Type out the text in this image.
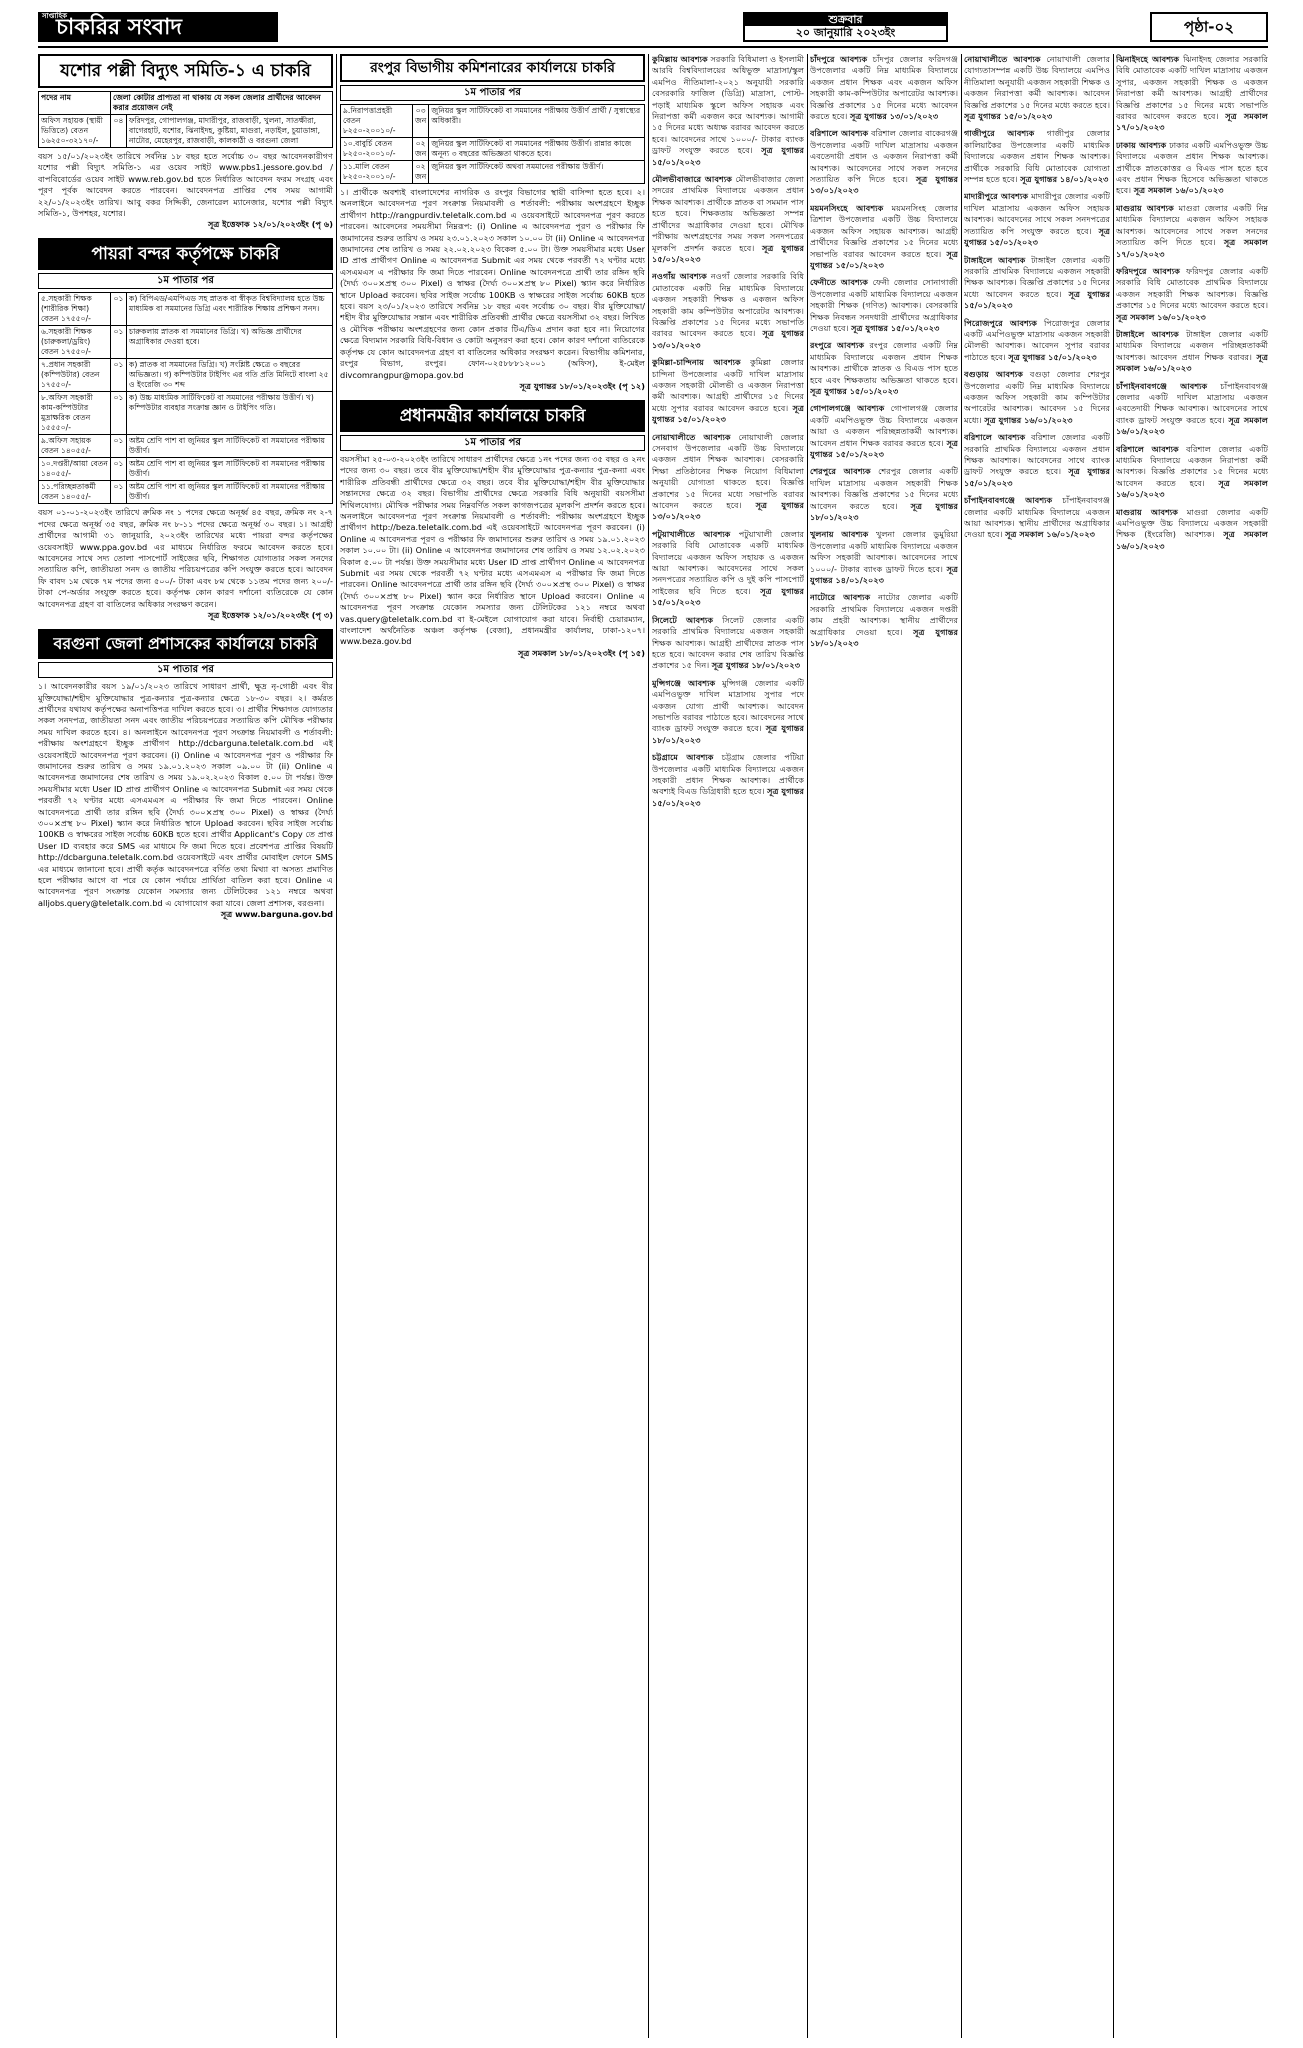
সাপ্তাহিক
চাকরির সংবাদ	শুক্রবার
২০ জানুয়ারি ২০২৩ইং	পৃষ্ঠা-০২
যশোর পল্লী বিদ্যুৎ সমিতি-১ এ চাকরি
পদের নাম	জেলা কোটার প্রাপ্যতা না থাকায় যে সকল জেলার প্রার্থীদের আবেদন করার প্রয়োজন নেই	
অফিস সহায়ক (স্থায়ী ভিত্তিতে) বেতন ১৬২৫০-৩২১৭০/-	০৪	ফরিদপুর, গোপালগঞ্জ, মাদারীপুর, রাজবাড়ী, খুলনা, সাতক্ষীরা, বাগেরহাট, যশোর, ঝিনাইদহ, কুষ্টিয়া, মাগুরা, নড়াইল, চুয়াডাঙ্গা, নাটোর, মেহেরপুর, রাজবাড়ী, কালকাঠী ও বরগুনা জেলা

বয়স ১৫/০১/২০২৩ইং তারিখে সর্বনিম্ন ১৮ বছর হতে সর্বোচ্চ ৩০ বছর আবেদনকারীগণ যশোর পল্লী বিদ্যুৎ সমিতি-১ এর ওয়েব সাইট www.pbs1.jessore.gov.bd /বাপবিবোর্ডের ওয়েব সাইট www.reb.gov.bd হতে নির্ধারিত আবেদন ফরম সংগ্রহ এবং পূরণ পূর্বক আবেদন করতে পারবেন। আবেদনপত্র প্রাপ্তির শেষ সময় আগামী ২২/০১/২০২৩ইং তারিখ। আবু বকর সিদ্দিকী, জেনারেল ম্যানেজার, যশোর পল্লী বিদ্যুৎ সমিতি-১, উপশহর, যশোর।

সূত্র ইত্তেফাক ১২/০১/২০২৩ইং (পৃ ৬)

পায়রা বন্দর কর্তৃপক্ষে চাকরি
১ম পাতার পর
৫.সহকারী শিক্ষক (শারীরিক শিক্ষা) বেতন ১৭৫৫০/-	০১	ক) বিপিএড/এমপিএড সহ স্নাতক বা স্বীকৃত বিশ্ববিদ্যালয় হতে উচ্চ মাধ্যমিক বা সমমানের ডিগ্রি এবং শারীরিক শিক্ষায় প্রশিক্ষণ সনদ।
৬.সহকারী শিক্ষক (চারুকলা/ড্রয়িং) বেতন ১৭৫৫০/-	০১	চারুকলায় স্নাতক বা সমমানের ডিগ্রি। খ) অভিজ্ঞ প্রার্থীদের অগ্রাধিকার দেওয়া হবে।
৭.প্রধান সহকারী (কম্পিউটার) বেতন ১৭৫৫০/-	০১	ক) স্নাতক বা সমমানের ডিগ্রি। খ) সংশ্লিষ্ট ক্ষেত্রে ৩ বছরের অভিজ্ঞতা। গ) কম্পিউটার টাইপিং এর গতি প্রতি মিনিটে বাংলা ২৫ ও ইংরেজি ৩০ শব্দ
৮.অফিস সহকারী কাম-কম্পিউটার মুদ্রাক্ষরিক বেতন ১৫৫৫০/-	০১	ক) উচ্চ মাধ্যমিক সার্টিফিকেট বা সমমানের পরীক্ষায় উত্তীর্ণ। খ) কম্পিউটার ব্যবহার সংক্রান্ত জ্ঞান ও টাইপিং গতি।
৯.অফিস সহায়ক বেতন ১৪০৫৫/-	০১	অষ্টম শ্রেণি পাশ বা জুনিয়র স্কুল সার্টিফিকেট বা সমমানের পরীক্ষায় উত্তীর্ণ।
১০.দপ্তরী/আয়া বেতন ১৪০৫৫/-	০১	অষ্টম শ্রেণি পাশ বা জুনিয়র স্কুল সার্টিফিকেট বা সমমানের পরীক্ষায় উত্তীর্ণ।
১১.পরিচ্ছন্নতাকর্মী বেতন ১৪০৫৫/-	০১	অষ্টম শ্রেণি পাশ বা জুনিয়র স্কুল সার্টিফিকেট বা সমমানের পরীক্ষায় উত্তীর্ণ।

বয়স ০১-০১-২০২৩ইং তারিখে ক্রমিক নং ১ পদের ক্ষেত্রে অনূর্ধ্ব ৪৫ বছর, ক্রমিক নং ২-৭ পদের ক্ষেত্রে অনূর্ধ্ব ৩৫ বছর, ক্রমিক নং ৮-১১ পদের ক্ষেত্রে অনূর্ধ্ব ৩০ বছর। ১। আগ্রহী প্রার্থীদের আগামী ৩১ জানুয়ারি, ২০২৩ইং তারিখের মধ্যে পায়রা বন্দর কর্তৃপক্ষের ওয়েবসাইট www.ppa.gov.bd এর মাধ্যমে নির্ধারিত ফরমে আবেদন করতে হবে। আবেদনের সাথে সদ্য তোলা পাসপোর্ট সাইজের ছবি, শিক্ষাগত যোগ্যতার সকল সনদের সত্যায়িত কপি, জাতীয়তা সনদ ও জাতীয় পরিচয়পত্রের কপি সংযুক্ত করতে হবে। আবেদন ফি বাবদ ১ম থেকে ৭ম পদের জন্য ৫০০/- টাকা এবং ৮ম থেকে ১১তম পদের জন্য ২০০/- টাকা পে-অর্ডার সংযুক্ত করতে হবে। কর্তৃপক্ষ কোন কারণ দর্শানো ব্যতিরেকে যে কোন আবেদনপত্র গ্রহণ বা বাতিলের অধিকার সংরক্ষণ করেন।

সূত্র ইত্তেফাক ১২/০১/২০২৩ইং (পৃ ৩)

বরগুনা জেলা প্রশাসকের কার্যালয়ে চাকরি
১ম পাতার পর

১। আবেদনকারীর বয়স ১৯/০১/২০২৩ তারিখে সাধারণ প্রার্থী, ক্ষুদ্র নৃ-গোষ্ঠী এবং বীর মুক্তিযোদ্ধা/শহীদ মুক্তিযোদ্ধার পুত্র-কন্যার পুত্র-কন্যার ক্ষেত্রে ১৮-৩০ বছর। ২। কর্মরত প্রার্থীদের যথাযথ কর্তৃপক্ষের অনাপত্তিপত্র দাখিল করতে হবে। ৩। প্রার্থীর শিক্ষাগত যোগ্যতার সকল সনদপত্র, জাতীয়তা সনদ এবং জাতীয় পরিচয়পত্রের সত্যায়িত কপি মৌখিক পরীক্ষার সময় দাখিল করতে হবে। ৪। অনলাইনে আবেদনপত্র পূরণ সংক্রান্ত নিয়মাবলী ও শর্তাবলী: পরীক্ষায় অংশগ্রহণে ইচ্ছুক প্রার্থীগণ http://dcbarguna.teletalk.com.bd এই ওয়েবসাইটে আবেদনপত্র পূরণ করবেন। (i) Online এ আবেদনপত্র পূরণ ও পরীক্ষার ফি জমাদানের শুরুর তারিখ ও সময় ১৯.০১.২০২৩ সকাল ০৯.০০ টা (ii) Online এ আবেদনপত্র জমাদানের শেষ তারিখ ও সময় ১৯.০২.২০২৩ বিকাল ৫.০০ টা পর্যন্ত। উক্ত সময়সীমার মধ্যে User ID প্রাপ্ত প্রার্থীগণ Online এ আবেদনপত্র Submit এর সময় থেকে পরবর্তী ৭২ ঘণ্টার মধ্যে এসএমএস এ পরীক্ষার ফি জমা দিতে পারবেন। Online আবেদনপত্রে প্রার্থী তার রঙ্গিন ছবি (দৈর্ঘ্য ৩০০×প্রস্থ ৩০০ Pixel) ও স্বাক্ষর (দৈর্ঘ্য ৩০০×প্রস্থ ৮০ Pixel) স্ক্যান করে নির্ধারিত স্থানে Upload করবেন। ছবির সাইজ সর্বোচ্চ 100KB ও স্বাক্ষরের সাইজ সর্বোচ্চ 60KB হতে হবে। প্রার্থীর Applicant's Copy তে প্রাপ্ত User ID ব্যবহার করে SMS এর মাধ্যমে ফি জমা দিতে হবে। প্রবেশপত্র প্রাপ্তির বিষয়টি http://dcbarguna.teletalk.com.bd ওয়েবসাইটে এবং প্রার্থীর মোবাইল ফোনে SMS এর মাধ্যমে জানানো হবে। প্রার্থী কর্তৃক আবেদনপত্রে বর্ণিত তথ্য মিথ্যা বা অসত্য প্রমাণিত হলে পরীক্ষার আগে বা পরে যে কোন পর্যায়ে প্রার্থিতা বাতিল করা হবে। Online এ আবেদনপত্র পূরণ সংক্রান্ত যেকোন সমস্যার জন্য টেলিটকের ১২১ নম্বরে অথবা alljobs.query@teletalk.com.bd এ যোগাযোগ করা যাবে। জেলা প্রশাসক, বরগুনা।

সূত্র www.barguna.gov.bd

রংপুর বিভাগীয় কমিশনারের কার্যালয়ে চাকরি
১ম পাতার পর
৯.নিরাপত্তাপ্রহরী বেতন ৮২৫০-২০০১০/-	০৩ জন	জুনিয়র স্কুল সার্টিফিকেট বা সমমানের পরীক্ষায় উত্তীর্ণ প্রার্থী / সুস্বাস্থ্যের অধিকারী।
১০.বাবুর্চি বেতন ৮২৫০-২০০১০/-	০২ জন	জুনিয়র স্কুল সার্টিফিকেট বা সমমানের পরীক্ষায় উত্তীর্ণ। রান্নার কাজে অনূন্য ৩ বছরের অভিজ্ঞতা থাকতে হবে।
১১.মালি বেতন ৮২৫০-২০০১০/-	০২ জন	জুনিয়র স্কুল সার্টিফিকেট অথবা সমমানের পরীক্ষায় উত্তীর্ণ।

১। প্রার্থীকে অবশ্যই বাংলাদেশের নাগরিক ও রংপুর বিভাগের স্থায়ী বাসিন্দা হতে হবে। ২। অনলাইনে আবেদনপত্র পূরণ সংক্রান্ত নিয়মাবলী ও শর্তাবলী: পরীক্ষায় অংশগ্রহণে ইচ্ছুক প্রার্থীগণ http://rangpurdiv.teletalk.com.bd এ ওয়েবসাইটে আবেদনপত্র পূরণ করতে পারবেন। আবেদনের সময়সীমা নিম্নরূপ: (i) Online এ আবেদনপত্র পূরণ ও পরীক্ষার ফি জমাদানের শুরুর তারিখ ও সময় ২৩.০১.২০২৩ সকাল ১০.০০ টা (ii) Online এ আবেদনপত্র জমাদানের শেষ তারিখ ও সময় ২২.০২.২০২৩ বিকেল ৫.০০ টা। উক্ত সময়সীমার মধ্যে User ID প্রাপ্ত প্রার্থীগণ Online এ আবেদনপত্র Submit এর সময় থেকে পরবর্তী ৭২ ঘণ্টার মধ্যে এসএমএস এ পরীক্ষার ফি জমা দিতে পারবেন। Online আবেদনপত্রে প্রার্থী তার রঙ্গিন ছবি (দৈর্ঘ্য ৩০০×প্রস্থ ৩০০ Pixel) ও স্বাক্ষর (দৈর্ঘ্য ৩০০×প্রস্থ ৮০ Pixel) স্ক্যান করে নির্ধারিত স্থানে Upload করবেন। ছবির সাইজ সর্বোচ্চ 100KB ও স্বাক্ষরের সাইজ সর্বোচ্চ 60KB হতে হবে। বয়স ২৩/০১/২০২৩ তারিখে সর্বনিম্ন ১৮ বছর এবং সর্বোচ্চ ৩০ বছর। বীর মুক্তিযোদ্ধা/শহীদ বীর মুক্তিযোদ্ধার সন্তান এবং শারীরিক প্রতিবন্ধী প্রার্থীর ক্ষেত্রে বয়সসীমা ৩২ বছর। লিখিত ও মৌখিক পরীক্ষায় অংশগ্রহণের জন্য কোন প্রকার টিএ/ডিএ প্রদান করা হবে না। নিয়োগের ক্ষেত্রে বিদ্যমান সরকারি বিধি-বিধান ও কোটা অনুসরণ করা হবে। কোন কারণ দর্শানো ব্যতিরেকে কর্তৃপক্ষ যে কোন আবেদনপত্র গ্রহণ বা বাতিলের অধিকার সংরক্ষণ করেন। বিভাগীয় কমিশনার, রংপুর বিভাগ, রংপুর। ফোন-০২৫৮৮৮১২০০১ (অফিস), ই-মেইল divcomrangpur@mopa.gov.bd

সূত্র যুগান্তর ১৮/০১/২০২৩ইং (পৃ ১২)

প্রধানমন্ত্রীর কার্যালয়ে চাকরি
১ম পাতার পর

বয়সসীমা ২৫-০৩-২০২৩ইং তারিখে সাধারণ প্রার্থীদের ক্ষেত্রে ১নং পদের জন্য ৩৫ বছর ও ২নং পদের জন্য ৩০ বছর। তবে বীর মুক্তিযোদ্ধা/শহীদ বীর মুক্তিযোদ্ধার পুত্র-কন্যার পুত্র-কন্যা এবং শারীরিক প্রতিবন্ধী প্রার্থীদের ক্ষেত্রে ৩২ বছর। তবে বীর মুক্তিযোদ্ধা/শহীদ বীর মুক্তিযোদ্ধার সন্তানদের ক্ষেত্রে ৩২ বছর। বিভাগীয় প্রার্থীদের ক্ষেত্রে সরকারি বিধি অনুযায়ী বয়সসীমা শিথিলযোগ্য। মৌখিক পরীক্ষার সময় নিম্নবর্ণিত সকল কাগজপত্রের মূলকপি প্রদর্শন করতে হবে। অনলাইনে আবেদনপত্র পূরণ সংক্রান্ত নিয়মাবলী ও শর্তাবলী: পরীক্ষায় অংশগ্রহণে ইচ্ছুক প্রার্থীগণ http://beza.teletalk.com.bd এই ওয়েবসাইটে আবেদনপত্র পূরণ করবেন। (i) Online এ আবেদনপত্র পূরণ ও পরীক্ষার ফি জমাদানের শুরুর তারিখ ও সময় ১৯.০১.২০২৩ সকাল ১০.০০ টা। (ii) Online এ আবেদনপত্র জমাদানের শেষ তারিখ ও সময় ১২.০২.২০২৩ বিকাল ৫.০০ টা পর্যন্ত। উক্ত সময়সীমার মধ্যে User ID প্রাপ্ত প্রার্থীগণ Online এ আবেদনপত্র Submit এর সময় থেকে পরবর্তী ৭২ ঘণ্টার মধ্যে এসএমএস এ পরীক্ষার ফি জমা দিতে পারবেন। Online আবেদনপত্রে প্রার্থী তার রঙ্গিন ছবি (দৈর্ঘ্য ৩০০×প্রস্থ ৩০০ Pixel) ও স্বাক্ষর (দৈর্ঘ্য ৩০০×প্রস্থ ৮০ Pixel) স্ক্যান করে নির্ধারিত স্থানে Upload করবেন। Online এ আবেদনপত্র পূরণ সংক্রান্ত যেকোন সমস্যার জন্য টেলিটকের ১২১ নম্বরে অথবা vas.query@teletalk.com.bd বা ই-মেইলে যোগাযোগ করা যাবে। নির্বাহী চেয়ারম্যান, বাংলাদেশ অর্থনৈতিক অঞ্চল কর্তৃপক্ষ (বেজা), প্রধানমন্ত্রীর কার্যালয়, ঢাকা-১২০৭। www.beza.gov.bd

সূত্র সমকাল ১৮/০১/২০২৩ইং (পৃ ১৫)

কুমিল্লায় আবশ্যক সরকারি বিধিমালা ও ইসলামী আরবি বিশ্ববিদ্যালয়ের অধিভুক্ত মাদ্রাসা/স্কুল এমপিও নীতিমালা-২০২১ অনুযায়ী সরকারি বেসরকারি ফাজিল (ডিগ্রি) মাদ্রাসা, পোস্ট-পড়াই মাধ্যমিক স্কুলে অফিস সহায়ক এবং নিরাপত্তা কর্মী একজন করে আবশ্যক। আগামী ১৫ দিনের মধ্যে অধ্যক্ষ বরাবর আবেদন করতে হবে। আবেদনের সাথে ১০০০/- টাকার ব্যাংক ড্রাফট সংযুক্ত করতে হবে। সূত্র যুগান্তর ১৫/০১/২০২৩
মৌলভীবাজারে আবশ্যক মৌলভীবাজার জেলা সদরের প্রাথমিক বিদ্যালয়ে একজন প্রধান শিক্ষক আবশ্যক। প্রার্থীকে স্নাতক বা সমমান পাস হতে হবে। শিক্ষকতায় অভিজ্ঞতা সম্পন্ন প্রার্থীদের অগ্রাধিকার দেওয়া হবে। মৌখিক পরীক্ষায় অংশগ্রহণের সময় সকল সনদপত্রের মূলকপি প্রদর্শন করতে হবে। সূত্র যুগান্তর ১৫/০১/২০২৩
নওগাঁয় আবশ্যক নওগাঁ জেলার সরকারি বিধি মোতাবেক একটি নিম্ন মাধ্যমিক বিদ্যালয়ে একজন সহকারী শিক্ষক ও একজন অফিস সহকারী কাম কম্পিউটার অপারেটর আবশ্যক। বিজ্ঞপ্তি প্রকাশের ১৫ দিনের মধ্যে সভাপতি বরাবর আবেদন করতে হবে। সূত্র যুগান্তর ১৩/০১/২০২৩
কুমিল্লা-চান্দিনায় আবশ্যক কুমিল্লা জেলার চান্দিনা উপজেলার একটি দাখিল মাদ্রাসায় একজন সহকারী মৌলভী ও একজন নিরাপত্তা কর্মী আবশ্যক। আগ্রহী প্রার্থীদের ১৫ দিনের মধ্যে সুপার বরাবর আবেদন করতে হবে। সূত্র যুগান্তর ১৫/০১/২০২৩
নোয়াখালীতে আবশ্যক নোয়াখালী জেলার সেনবাগ উপজেলার একটি উচ্চ বিদ্যালয়ে একজন প্রধান শিক্ষক আবশ্যক। বেসরকারি শিক্ষা প্রতিষ্ঠানের শিক্ষক নিয়োগ বিধিমালা অনুযায়ী যোগ্যতা থাকতে হবে। বিজ্ঞপ্তি প্রকাশের ১৫ দিনের মধ্যে সভাপতি বরাবর আবেদন করতে হবে। সূত্র যুগান্তর ১৩/০১/২০২৩
পটুয়াখালীতে আবশ্যক পটুয়াখালী জেলার সরকারি বিধি মোতাবেক একটি মাধ্যমিক বিদ্যালয়ে একজন অফিস সহায়ক ও একজন আয়া আবশ্যক। আবেদনের সাথে সকল সনদপত্রের সত্যায়িত কপি ও দুই কপি পাসপোর্ট সাইজের ছবি দিতে হবে। সূত্র যুগান্তর ১৫/০১/২০২৩
সিলেটে আবশ্যক সিলেট জেলার একটি সরকারি প্রাথমিক বিদ্যালয়ে একজন সহকারী শিক্ষক আবশ্যক। আগ্রহী প্রার্থীদের স্নাতক পাস হতে হবে। আবেদন করার শেষ তারিখ বিজ্ঞপ্তি প্রকাশের ১৫ দিন। সূত্র যুগান্তর ১৮/০১/২০২৩
মুন্সিগঞ্জে আবশ্যক মুন্সিগঞ্জ জেলার একটি এমপিওভুক্ত দাখিল মাদ্রাসায় সুপার পদে একজন যোগ্য প্রার্থী আবশ্যক। আবেদন সভাপতি বরাবর পাঠাতে হবে। আবেদনের সাথে ব্যাংক ড্রাফট সংযুক্ত করতে হবে। সূত্র যুগান্তর ১৮/০১/২০২৩
চট্টগ্রামে আবশ্যক চট্টগ্রাম জেলার পটিয়া উপজেলার একটি মাধ্যমিক বিদ্যালয়ে একজন সহকারী প্রধান শিক্ষক আবশ্যক। প্রার্থীকে অবশ্যই বিএড ডিগ্রিধারী হতে হবে। সূত্র যুগান্তর ১৫/০১/২০২৩
চাঁদপুরে আবশ্যক চাঁদপুর জেলার ফরিদগঞ্জ উপজেলার একটি নিম্ন মাধ্যমিক বিদ্যালয়ে একজন প্রধান শিক্ষক এবং একজন অফিস সহকারী কাম-কম্পিউটার অপারেটর আবশ্যক। বিজ্ঞপ্তি প্রকাশের ১৫ দিনের মধ্যে আবেদন করতে হবে। সূত্র যুগান্তর ১৩/০১/২০২৩
বরিশালে আবশ্যক বরিশাল জেলার বাকেরগঞ্জ উপজেলার একটি দাখিল মাদ্রাসায় একজন এবতেদায়ী প্রধান ও একজন নিরাপত্তা কর্মী আবশ্যক। আবেদনের সাথে সকল সনদের সত্যায়িত কপি দিতে হবে। সূত্র যুগান্তর ১৩/০১/২০২৩
ময়মনসিংহে আবশ্যক ময়মনসিংহ জেলার ত্রিশাল উপজেলার একটি উচ্চ বিদ্যালয়ে একজন অফিস সহায়ক আবশ্যক। আগ্রহী প্রার্থীদের বিজ্ঞপ্তি প্রকাশের ১৫ দিনের মধ্যে সভাপতি বরাবর আবেদন করতে হবে। সূত্র যুগান্তর ১৫/০১/২০২৩
ফেনীতে আবশ্যক ফেনী জেলার সোনাগাজী উপজেলার একটি মাধ্যমিক বিদ্যালয়ে একজন সহকারী শিক্ষক (গণিত) আবশ্যক। বেসরকারি শিক্ষক নিবন্ধন সনদধারী প্রার্থীদের অগ্রাধিকার দেওয়া হবে। সূত্র যুগান্তর ১৫/০১/২০২৩
রংপুরে আবশ্যক রংপুর জেলার একটি নিম্ন মাধ্যমিক বিদ্যালয়ে একজন প্রধান শিক্ষক আবশ্যক। প্রার্থীকে স্নাতক ও বিএড পাস হতে হবে এবং শিক্ষকতায় অভিজ্ঞতা থাকতে হবে। সূত্র যুগান্তর ১৫/০১/২০২৩
গোপালগঞ্জে আবশ্যক গোপালগঞ্জ জেলার একটি এমপিওভুক্ত উচ্চ বিদ্যালয়ে একজন আয়া ও একজন পরিচ্ছন্নতাকর্মী আবশ্যক। আবেদন প্রধান শিক্ষক বরাবর করতে হবে। সূত্র যুগান্তর ১৫/০১/২০২৩
শেরপুরে আবশ্যক শেরপুর জেলার একটি দাখিল মাদ্রাসায় একজন সহকারী শিক্ষক আবশ্যক। বিজ্ঞপ্তি প্রকাশের ১৫ দিনের মধ্যে আবেদন করতে হবে। সূত্র যুগান্তর ১৮/০১/২০২৩
খুলনায় আবশ্যক খুলনা জেলার ডুমুরিয়া উপজেলার একটি মাধ্যমিক বিদ্যালয়ে একজন অফিস সহকারী আবশ্যক। আবেদনের সাথে ১০০০/- টাকার ব্যাংক ড্রাফট দিতে হবে। সূত্র যুগান্তর ১৪/০১/২০২৩
নাটোরে আবশ্যক নাটোর জেলার একটি সরকারি প্রাথমিক বিদ্যালয়ে একজন দপ্তরী কাম প্রহরী আবশ্যক। স্থানীয় প্রার্থীদের অগ্রাধিকার দেওয়া হবে। সূত্র যুগান্তর ১৮/০১/২০২৩
নোয়াখালীতে আবশ্যক নোয়াখালী জেলার যোগ্যতাসম্পন্ন একটি উচ্চ বিদ্যালয়ে এমপিও নীতিমালা অনুযায়ী একজন সহকারী শিক্ষক ও একজন নিরাপত্তা কর্মী আবশ্যক। আবেদন বিজ্ঞপ্তি প্রকাশের ১৫ দিনের মধ্যে করতে হবে। সূত্র যুগান্তর ১৫/০১/২০২৩
গাজীপুরে আবশ্যক গাজীপুর জেলার কালিয়াকৈর উপজেলার একটি মাধ্যমিক বিদ্যালয়ে একজন প্রধান শিক্ষক আবশ্যক। প্রার্থীকে সরকারি বিধি মোতাবেক যোগ্যতা সম্পন্ন হতে হবে। সূত্র যুগান্তর ১৪/০১/২০২৩
মাদারীপুরে আবশ্যক মাদারীপুর জেলার একটি দাখিল মাদ্রাসায় একজন অফিস সহায়ক আবশ্যক। আবেদনের সাথে সকল সনদপত্রের সত্যায়িত কপি সংযুক্ত করতে হবে। সূত্র যুগান্তর ১৫/০১/২০২৩
টাঙ্গাইলে আবশ্যক টাঙ্গাইল জেলার একটি সরকারি প্রাথমিক বিদ্যালয়ে একজন সহকারী শিক্ষক আবশ্যক। বিজ্ঞপ্তি প্রকাশের ১৫ দিনের মধ্যে আবেদন করতে হবে। সূত্র যুগান্তর ১৫/০১/২০২৩
পিরোজপুরে আবশ্যক পিরোজপুর জেলার একটি এমপিওভুক্ত মাদ্রাসায় একজন সহকারী মৌলভী আবশ্যক। আবেদন সুপার বরাবর পাঠাতে হবে। সূত্র যুগান্তর ১৫/০১/২০২৩
বগুড়ায় আবশ্যক বগুড়া জেলার শেরপুর উপজেলার একটি নিম্ন মাধ্যমিক বিদ্যালয়ে একজন অফিস সহকারী কাম কম্পিউটার অপারেটর আবশ্যক। আবেদন ১৫ দিনের মধ্যে। সূত্র যুগান্তর ১৬/০১/২০২৩
বরিশালে আবশ্যক বরিশাল জেলার একটি সরকারি প্রাথমিক বিদ্যালয়ে একজন প্রধান শিক্ষক আবশ্যক। আবেদনের সাথে ব্যাংক ড্রাফট সংযুক্ত করতে হবে। সূত্র যুগান্তর ১৫/০১/২০২৩
চাঁপাইনবাবগঞ্জে আবশ্যক চাঁপাইনবাবগঞ্জ জেলার একটি মাধ্যমিক বিদ্যালয়ে একজন আয়া আবশ্যক। স্থানীয় প্রার্থীদের অগ্রাধিকার দেওয়া হবে। সূত্র সমকাল ১৬/০১/২০২৩
ঝিনাইদহে আবশ্যক ঝিনাইদহ জেলার সরকারি বিধি মোতাবেক একটি দাখিল মাদ্রাসায় একজন সুপার, একজন সহকারী শিক্ষক ও একজন নিরাপত্তা কর্মী আবশ্যক। আগ্রহী প্রার্থীদের বিজ্ঞপ্তি প্রকাশের ১৫ দিনের মধ্যে সভাপতি বরাবর আবেদন করতে হবে। সূত্র সমকাল ১৭/০১/২০২৩
ঢাকায় আবশ্যক ঢাকার একটি এমপিওভুক্ত উচ্চ বিদ্যালয়ে একজন প্রধান শিক্ষক আবশ্যক। প্রার্থীকে স্নাতকোত্তর ও বিএড পাস হতে হবে এবং প্রধান শিক্ষক হিসেবে অভিজ্ঞতা থাকতে হবে। সূত্র সমকাল ১৬/০১/২০২৩
মাগুরায় আবশ্যক মাগুরা জেলার একটি নিম্ন মাধ্যমিক বিদ্যালয়ে একজন অফিস সহায়ক আবশ্যক। আবেদনের সাথে সকল সনদের সত্যায়িত কপি দিতে হবে। সূত্র সমকাল ১৭/০১/২০২৩
ফরিদপুরে আবশ্যক ফরিদপুর জেলার একটি সরকারি বিধি মোতাবেক প্রাথমিক বিদ্যালয়ে একজন সহকারী শিক্ষক আবশ্যক। বিজ্ঞপ্তি প্রকাশের ১৫ দিনের মধ্যে আবেদন করতে হবে। সূত্র সমকাল ১৬/০১/২০২৩
টাঙ্গাইলে আবশ্যক টাঙ্গাইল জেলার একটি মাধ্যমিক বিদ্যালয়ে একজন পরিচ্ছন্নতাকর্মী আবশ্যক। আবেদন প্রধান শিক্ষক বরাবর। সূত্র সমকাল ১৬/০১/২০২৩
চাঁপাইনবাবগঞ্জে আবশ্যক চাঁপাইনবাবগঞ্জ জেলার একটি দাখিল মাদ্রাসায় একজন এবতেদায়ী শিক্ষক আবশ্যক। আবেদনের সাথে ব্যাংক ড্রাফট সংযুক্ত করতে হবে। সূত্র সমকাল ১৬/০১/২০২৩
বরিশালে আবশ্যক বরিশাল জেলার একটি মাধ্যমিক বিদ্যালয়ে একজন নিরাপত্তা কর্মী আবশ্যক। বিজ্ঞপ্তি প্রকাশের ১৫ দিনের মধ্যে আবেদন করতে হবে। সূত্র সমকাল ১৬/০১/২০২৩
মাগুরায় আবশ্যক মাগুরা জেলার একটি এমপিওভুক্ত উচ্চ বিদ্যালয়ে একজন সহকারী শিক্ষক (ইংরেজি) আবশ্যক। সূত্র সমকাল ১৬/০১/২০২৩
